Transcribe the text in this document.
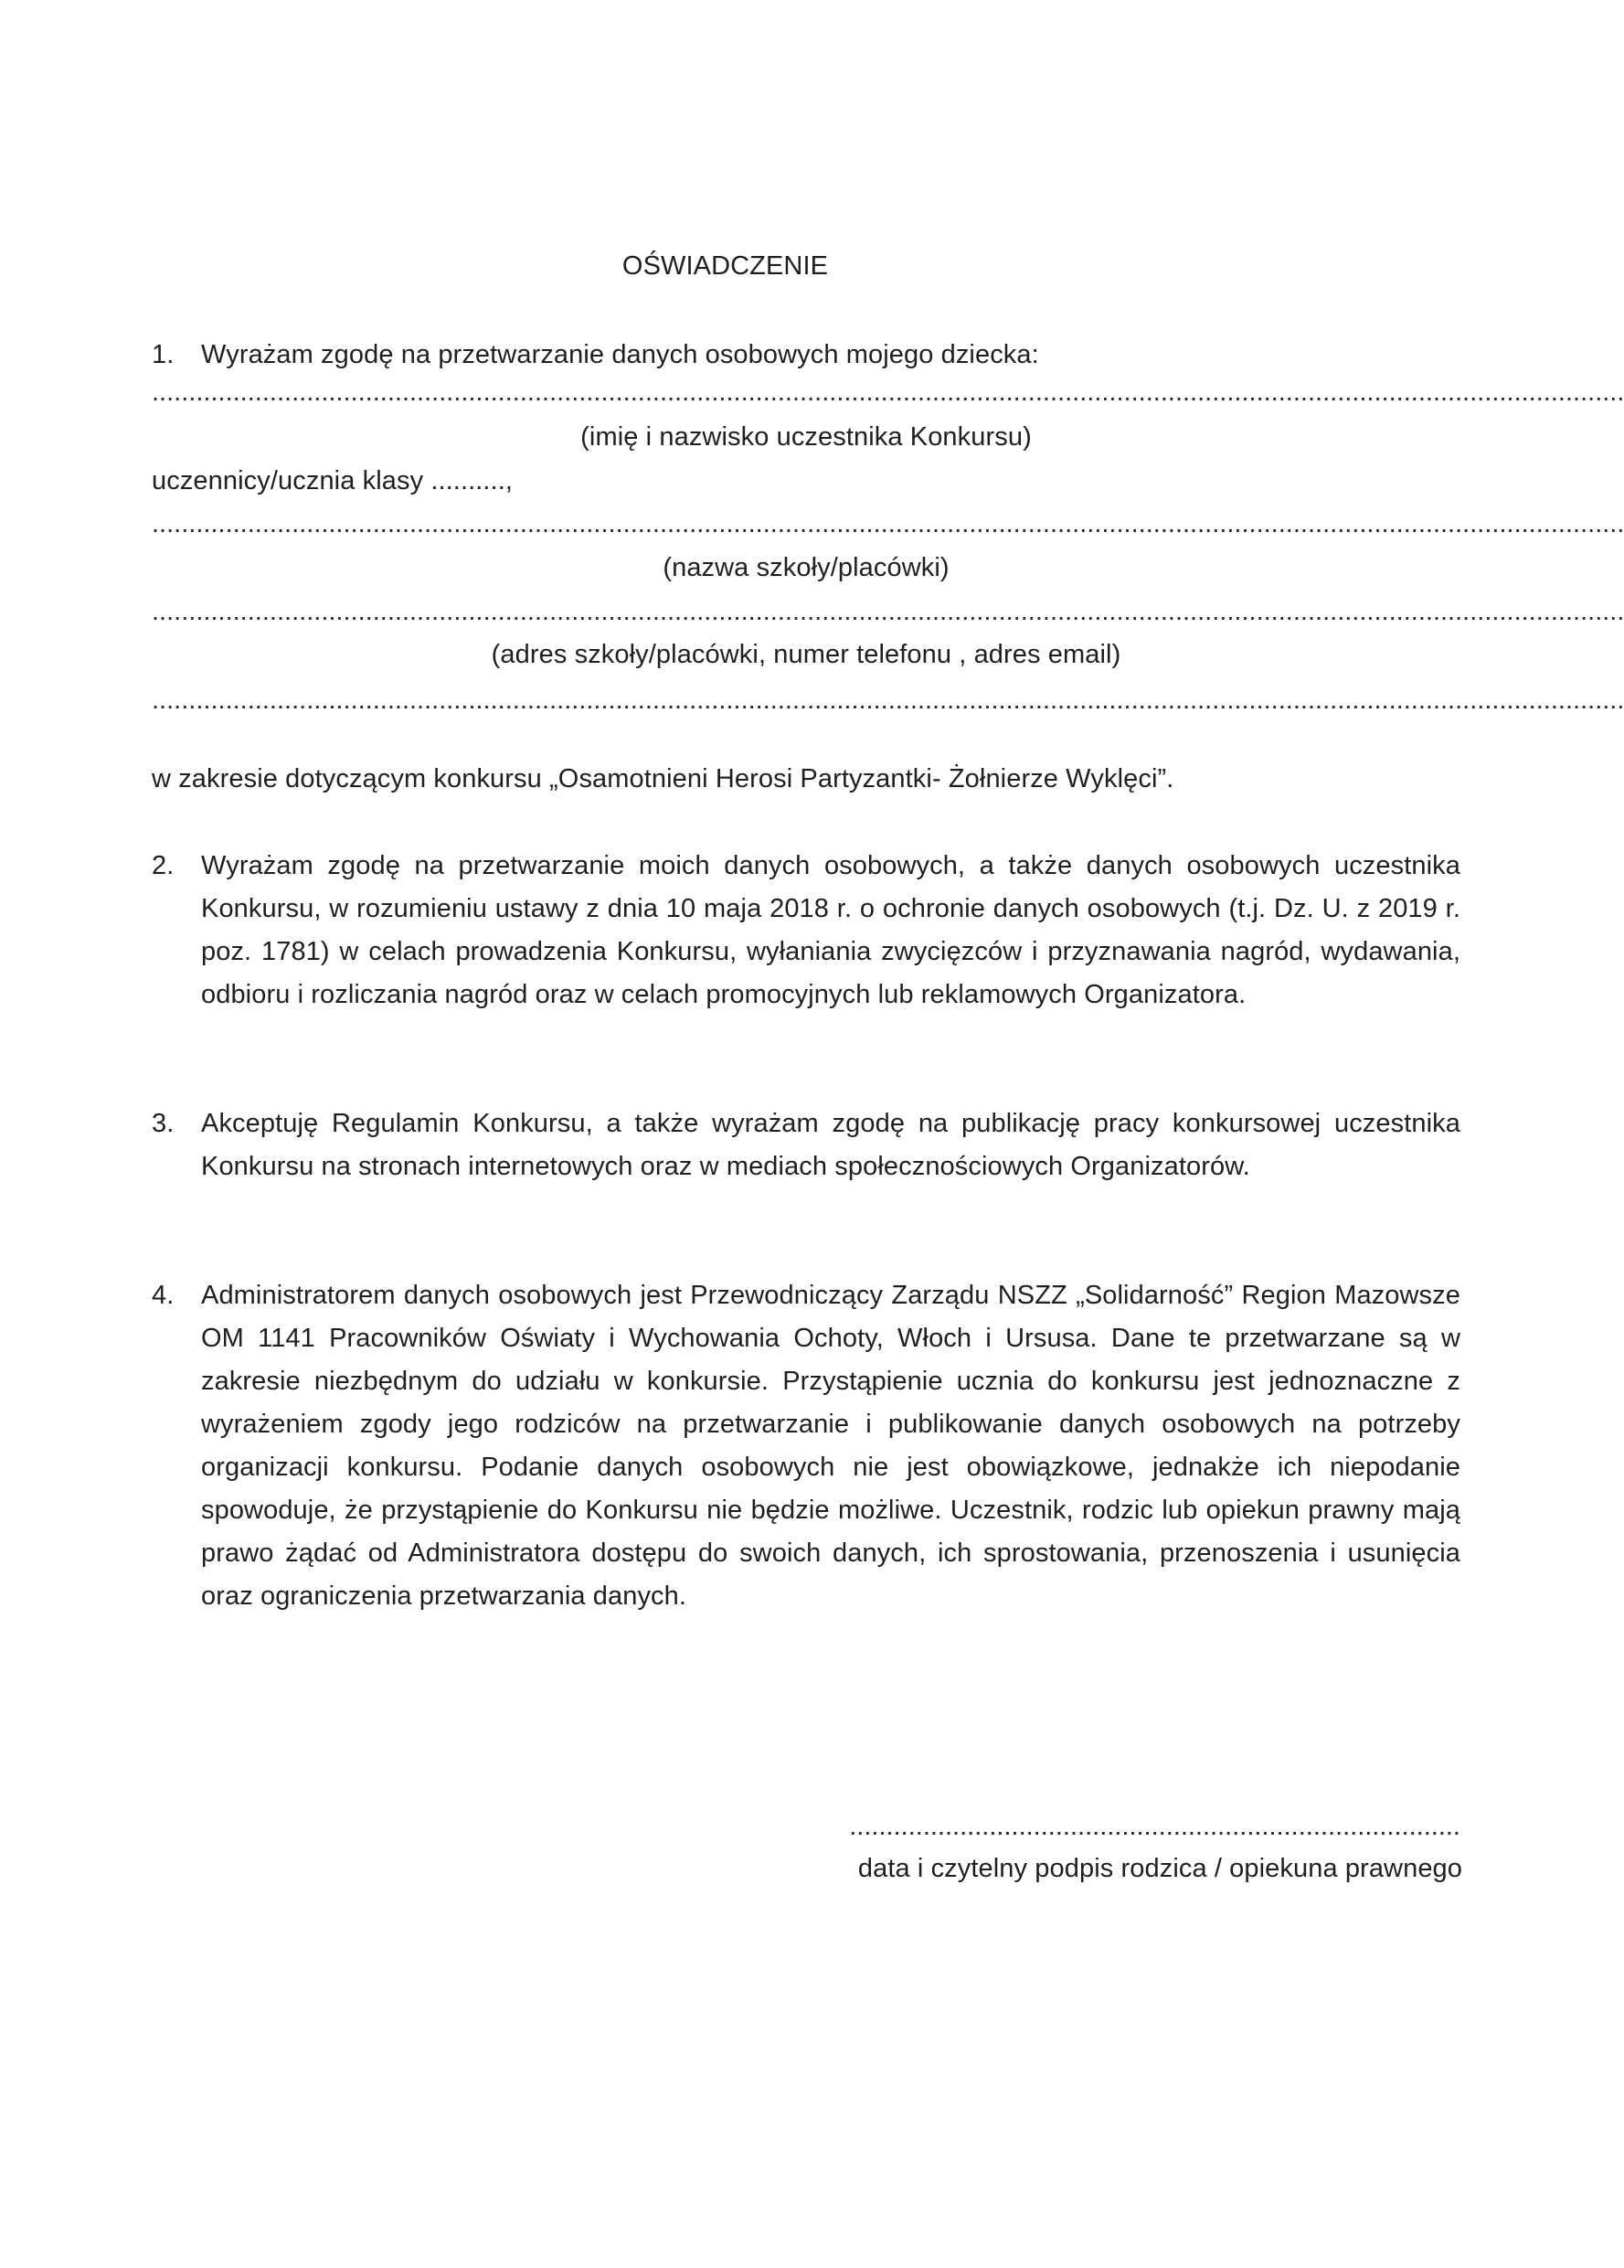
OŚWIADCZENIE
1.	Wyrażam zgodę na przetwarzanie danych osobowych mojego dziecka:
........................................................................................................................................................................................................
(imię i nazwisko uczestnika Konkursu)
uczennicy/ucznia klasy ..........,
........................................................................................................................................................................................................
(nazwa szkoły/placówki)
........................................................................................................................................................................................................
(adres szkoły/placówki, numer telefonu , adres email)
........................................................................................................................................................................................................
w zakresie dotyczącym konkursu „Osamotnieni Herosi Partyzantki- Żołnierze Wyklęci”.
2.	Wyrażam zgodę na przetwarzanie moich danych osobowych, a także danych osobowych uczestnika Konkursu, w rozumieniu ustawy z dnia 10 maja 2018 r. o ochronie danych osobowych (t.j. Dz. U. z 2019 r. poz. 1781) w celach prowadzenia Konkursu, wyłaniania zwycięzców i przyznawania nagród, wydawania, odbioru i rozliczania nagród oraz w celach promocyjnych lub reklamowych Organizatora.
3.	Akceptuję Regulamin Konkursu, a także wyrażam zgodę na publikację pracy konkursowej uczestnika Konkursu na stronach internetowych oraz w mediach społecznościowych Organizatorów.
4.	Administratorem danych osobowych jest Przewodniczący Zarządu NSZZ „Solidarność” Region Mazowsze OM 1141 Pracowników Oświaty i Wychowania Ochoty, Włoch i Ursusa. Dane te przetwarzane są w zakresie niezbędnym do udziału w konkursie. Przystąpienie ucznia do konkursu jest jednoznaczne z wyrażeniem zgody jego rodziców na przetwarzanie i publikowanie danych osobowych na potrzeby organizacji konkursu. Podanie danych osobowych nie jest obowiązkowe, jednakże ich niepodanie spowoduje, że przystąpienie do Konkursu nie będzie możliwe. Uczestnik, rodzic lub opiekun prawny mają prawo żądać od Administratora dostępu do swoich danych, ich sprostowania, przenoszenia i usunięcia oraz ograniczenia przetwarzania danych.
...................................................................................
data i czytelny podpis rodzica / opiekuna prawnego
